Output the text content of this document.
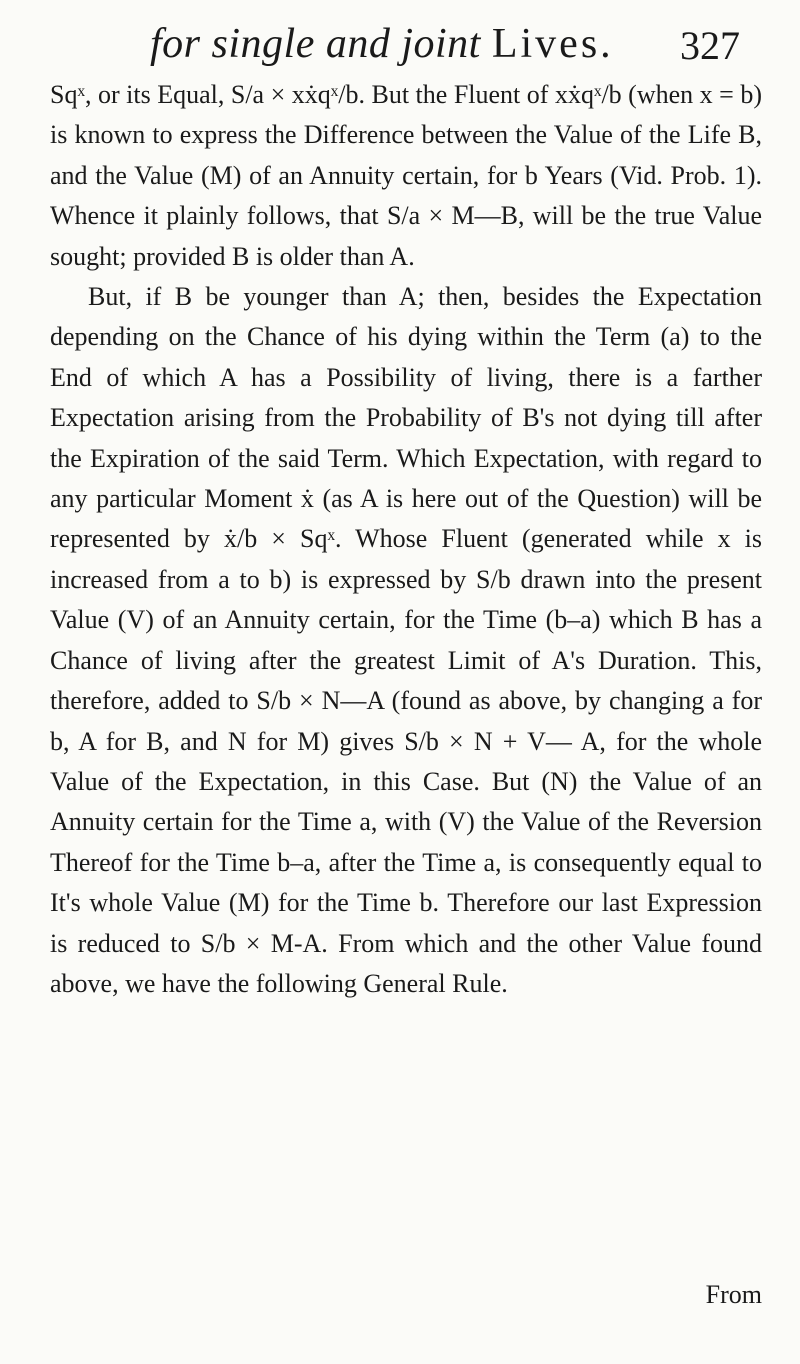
for single and joint Lives. 327

Sqˣ, or its Equal, S/a × xẋqˣ/b. But the Fluent of xẋqˣ/b (when x = b) is known to express the Difference between the Value of the Life B, and the Value (M) of an Annuity certain, for b Years (Vid. Prob. 1). Whence it plainly follows, that S/a × M—B, will be the true Value sought; provided B is older than A.

But, if B be younger than A; then, besides the Expectation depending on the Chance of his dying within the Term (a) to the End of which A has a Possibility of living, there is a farther Expectation arising from the Probability of B's not dying till after the Expiration of the said Term. Which Expectation, with regard to any particular Moment ẋ (as A is here out of the Question) will be represented by ẋ/b × Sqˣ. Whose Fluent (generated while x is increased from a to b) is expressed by S/b drawn into the present Value (V) of an Annuity certain, for the Time (b–a) which B has a Chance of living after the greatest Limit of A's Duration. This, therefore, added to S/b × N—A (found as above, by changing a for b, A for B, and N for M) gives S/b × N + V— A, for the whole Value of the Expectation, in this Case. But (N) the Value of an Annuity certain for the Time a, with (V) the Value of the Reversion Thereof for the Time b–a, after the Time a, is consequently equal to It's whole Value (M) for the Time b. Therefore our last Expression is reduced to S/b × M-A. From which and the other Value found above, we have the following General Rule.

From
